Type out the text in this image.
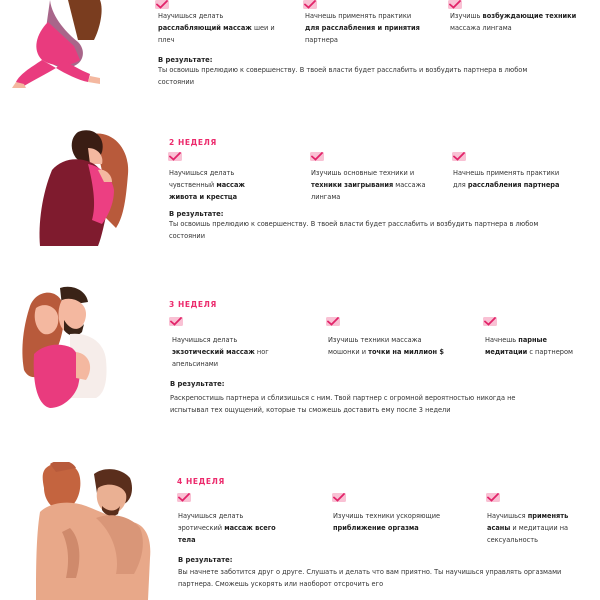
Научишься делать расслабляющий массаж шеи и плеч
Начнешь применять практики для расслабления и принятия партнера
Изучишь возбуждающие техники массажа лингама
В результате:
Ты освоишь прелюдию к совершенству. В твоей власти будет расслабить и возбудить партнера в любом состоянии
2 НЕДЕЛЯ
Научишься делать чувственный массаж живота и крестца
Изучишь основные техники и техники заигрывания массажа лингама
Начнешь применять практики для расслабления партнера
В результате:
Ты освоишь прелюдию к совершенству. В твоей власти будет расслабить и возбудить партнера в любом состоянии
3 НЕДЕЛЯ
Научишься делать экзотический массаж ног апельсинами
Изучишь техники массажа мошонки и точки на миллион $
Начнешь парные медитации с партнером
В результате:
Раскрепостишь партнера и сблизишься с ним. Твой партнер с огромной вероятностью никогда не испытывал тех ощущений, которые ты сможешь доставить ему после 3 недели
4 НЕДЕЛЯ
Научишься делать эротический массаж всего тела
Изучишь техники ускоряющие приближение оргазма
Научишься применять асаны и медитации на сексуальность
В результате:
Вы начнете заботится друг о друге. Слушать и делать что вам приятно. Ты научишься управлять оргазмами партнера. Сможешь ускорять или наоборот отсрочить его
